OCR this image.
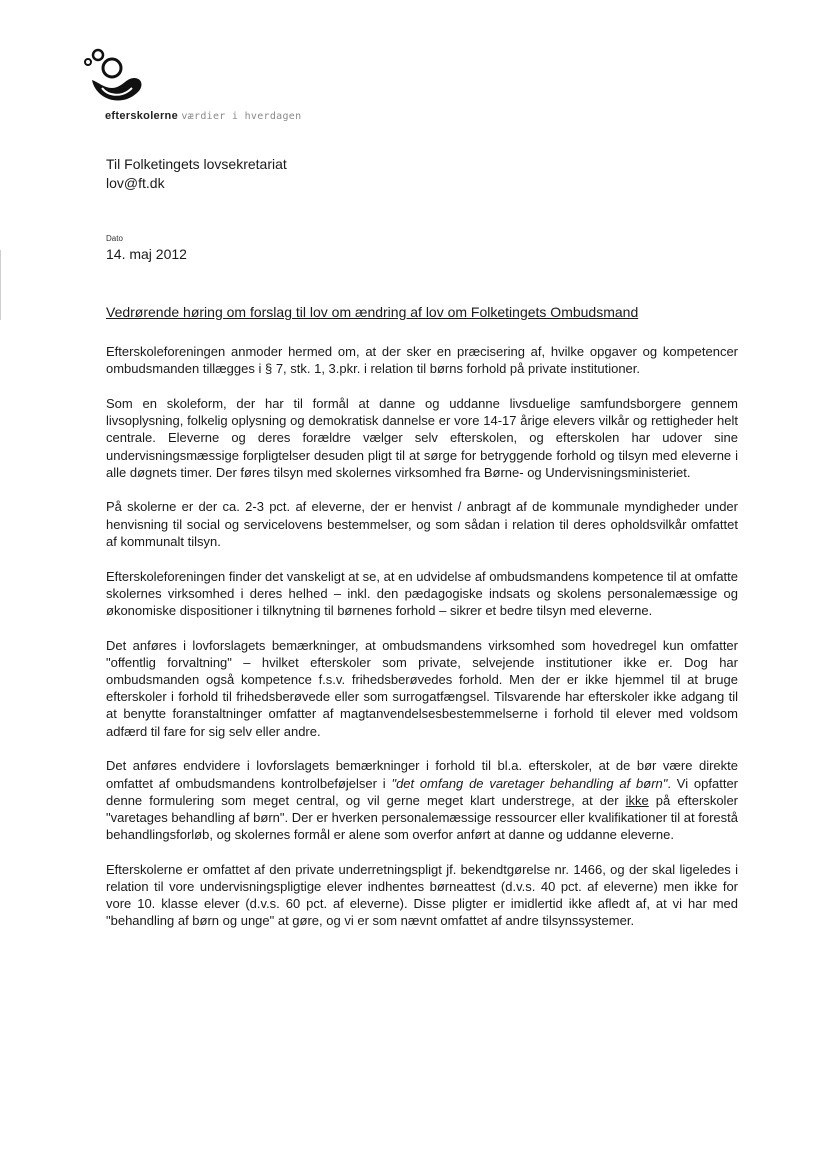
efterskolerne værdier i hverdagen
Til Folketingets lovsekretariat
lov@ft.dk
Dato
14. maj 2012
Vedrørende høring om forslag til lov om ændring af lov om Folketingets Ombudsmand

Efterskoleforeningen anmoder hermed om, at der sker en præcisering af, hvilke opgaver og kompetencer ombudsmanden tillægges i § 7, stk. 1, 3.pkr. i relation til børns forhold på private institutioner.

Som en skoleform, der har til formål at danne og uddanne livsduelige samfundsborgere gennem livsoplysning, folkelig oplysning og demokratisk dannelse er vore 14-17 årige elevers vilkår og rettigheder helt centrale. Eleverne og deres forældre vælger selv efterskolen, og efterskolen har udover sine undervisningsmæssige forpligtelser desuden pligt til at sørge for betryggende forhold og tilsyn med eleverne i alle døgnets timer. Der føres tilsyn med skolernes virksomhed fra Børne- og Undervisningsministeriet.

På skolerne er der ca. 2-3 pct. af eleverne, der er henvist / anbragt af de kommunale myndigheder under henvisning til social og servicelovens bestemmelser, og som sådan i relation til deres opholdsvilkår omfattet af kommunalt tilsyn.

Efterskoleforeningen finder det vanskeligt at se, at en udvidelse af ombudsmandens kompetence til at omfatte skolernes virksomhed i deres helhed – inkl. den pædagogiske indsats og skolens personalemæssige og økonomiske dispositioner i tilknytning til børnenes forhold – sikrer et bedre tilsyn med eleverne.

Det anføres i lovforslagets bemærkninger, at ombudsmandens virksomhed som hovedregel kun omfatter "offentlig forvaltning" – hvilket efterskoler som private, selvejende institutioner ikke er. Dog har ombudsmanden også kompetence f.s.v. frihedsberøvedes forhold. Men der er ikke hjemmel til at bruge efterskoler i forhold til frihedsberøvede eller som surrogatfængsel. Tilsvarende har efterskoler ikke adgang til at benytte foranstaltninger omfatter af magtanvendelsesbestemmelserne i forhold til elever med voldsom adfærd til fare for sig selv eller andre.

Det anføres endvidere i lovforslagets bemærkninger i forhold til bl.a. efterskoler, at de bør være direkte omfattet af ombudsmandens kontrolbeføjelser i "det omfang de varetager behandling af børn". Vi opfatter denne formulering som meget central, og vil gerne meget klart understrege, at der ikke på efterskoler "varetages behandling af børn". Der er hverken personalemæssige ressourcer eller kvalifikationer til at forestå behandlingsforløb, og skolernes formål er alene som overfor anført at danne og uddanne eleverne.

Efterskolerne er omfattet af den private underretningspligt jf. bekendtgørelse nr. 1466, og der skal ligeledes i relation til vore undervisningspligtige elever indhentes børneattest (d.v.s. 40 pct. af eleverne) men ikke for vore 10. klasse elever (d.v.s. 60 pct. af eleverne). Disse pligter er imidlertid ikke afledt af, at vi har med "behandling af børn og unge" at gøre, og vi er som nævnt omfattet af andre tilsynssystemer.
